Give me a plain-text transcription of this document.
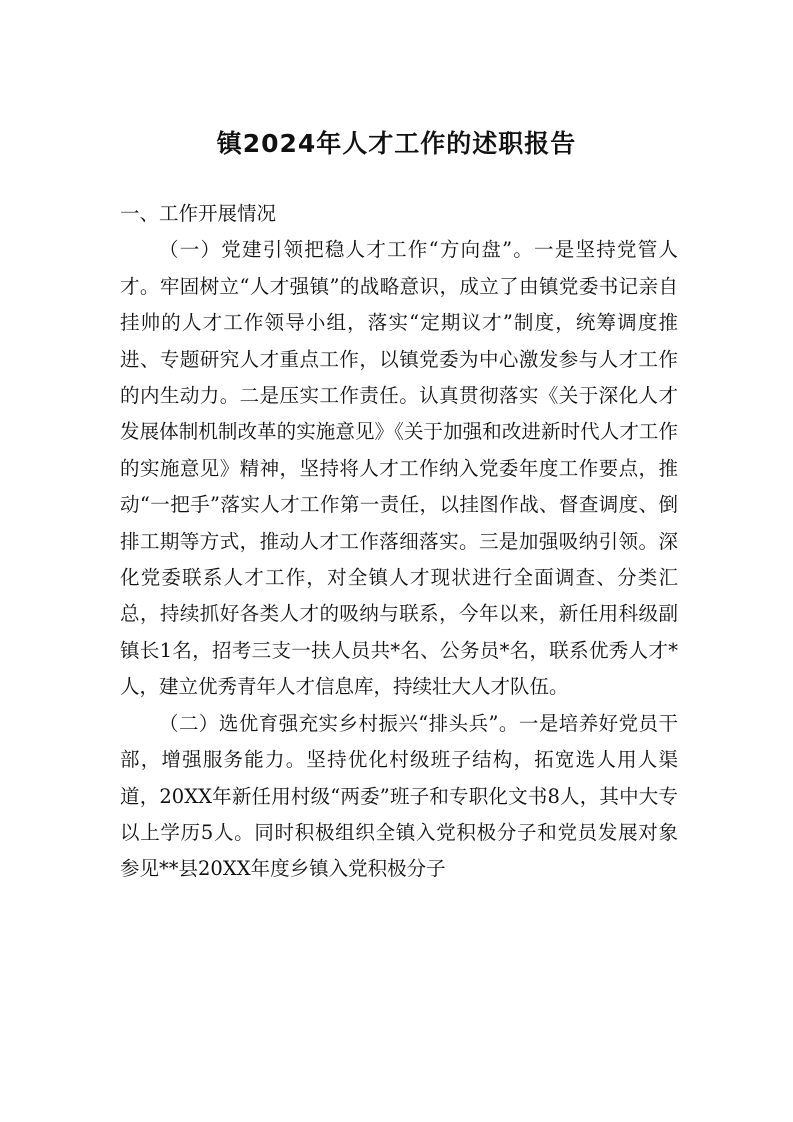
镇2024年人才工作的述职报告

一、工作开展情况

（一）党建引领把稳人才工作“方向盘”。一是坚持党管人才。牢固树立“人才强镇”的战略意识，成立了由镇党委书记亲自挂帅的人才工作领导小组，落实“定期议才”制度，统筹调度推进、专题研究人才重点工作，以镇党委为中心激发参与人才工作的内生动力。二是压实工作责任。认真贯彻落实《关于深化人才发展体制机制改革的实施意见》《关于加强和改进新时代人才工作的实施意见》精神，坚持将人才工作纳入党委年度工作要点，推动“一把手”落实人才工作第一责任，以挂图作战、督查调度、倒排工期等方式，推动人才工作落细落实。三是加强吸纳引领。深化党委联系人才工作，对全镇人才现状进行全面调查、分类汇总，持续抓好各类人才的吸纳与联系，今年以来，新任用科级副镇长1名，招考三支一扶人员共*名、公务员*名，联系优秀人才*人，建立优秀青年人才信息库，持续壮大人才队伍。

（二）选优育强充实乡村振兴“排头兵”。一是培养好党员干部，增强服务能力。坚持优化村级班子结构，拓宽选人用人渠道，20XX年新任用村级“两委”班子和专职化文书8人，其中大专以上学历5人。同时积极组织全镇入党积极分子和党员发展对象参见**县20XX年度乡镇入党积极分子
